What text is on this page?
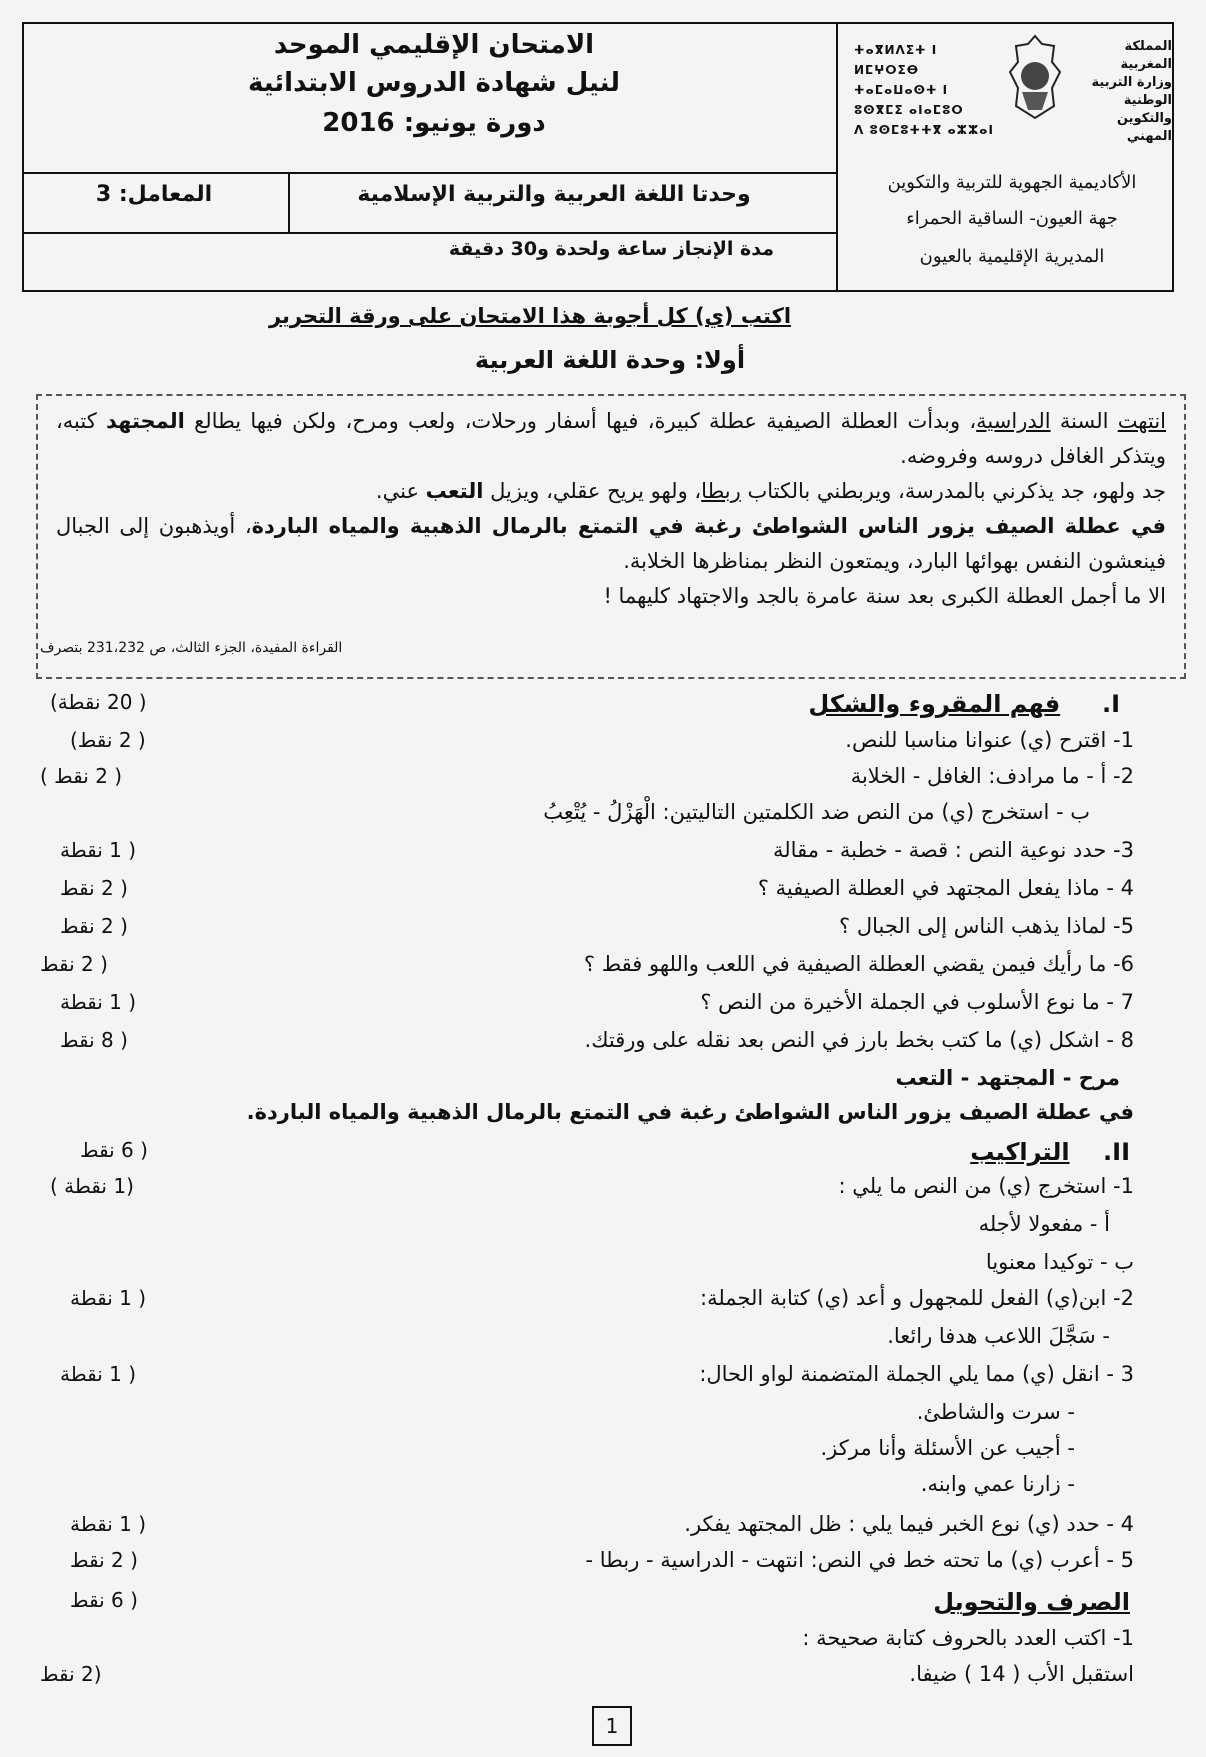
الامتحان الإقليمي الموحد
لنيل شهادة الدروس الابتدائية
دورة يونيو: 2016
وحدتا اللغة العربية والتربية الإسلامية
المعامل: 3
مدة الإنجاز ساعة ولحدة و30 دقيقة
المملكة المغربية
وزارة التربية الوطنية
والتكوين المهني
ⵜⴰⴳⵍⴷⵉⵜ ⵏ ⵍⵎⵖⵔⵉⴱ
ⵜⴰⵎⴰⵡⴰⵙⵜ ⵏ ⵓⵙⴳⵎⵉ ⴰⵏⴰⵎⵓⵔ
ⴷ ⵓⵙⵎⵓⵜⵜⴳ ⴰⵣⵣⴰⵏ
الأكاديمية الجهوية للتربية والتكوين
جهة العيون- الساقية الحمراء
المديرية الإقليمية بالعيون
اكتب (ي) كل أجوبة هذا الامتحان على ورقة التحرير
أولا: وحدة اللغة العربية
انتهت السنة الدراسية، وبدأت العطلة الصيفية عطلة كبيرة، فيها أسفار ورحلات، ولعب ومرح، ولكن فيها يطالع المجتهد كتبه، ويتذكر الغافل دروسه وفروضه.
جد ولهو، جد يذكرني بالمدرسة، ويربطني بالكتاب ربطا، ولهو يريح عقلي، ويزيل التعب عني.
في عطلة الصيف يزور الناس الشواطئ رغبة في التمتع بالرمال الذهبية والمياه الباردة، أويذهبون إلى الجبال فينعشون النفس بهوائها البارد، ويمتعون النظر بمناظرها الخلابة.
الا ما أجمل العطلة الكبرى بعد سنة عامرة بالجد والاجتهاد كليهما !
القراءة المفيدة، الجزء الثالث، ص 231،232 بتصرف
I.     فهم المقروء والشكل
( 20 نقطة)
1- اقترح (ي) عنوانا مناسبا للنص.
( 2 نقط)
2- أ - ما مرادف: الغافل - الخلابة
( 2 نقط )
ب - استخرج (ي) من النص ضد الكلمتين التاليتين: الْهَزْلُ - يُتْعِبُ
3- حدد نوعية النص : قصة - خطبة - مقالة
( 1 نقطة
4 - ماذا يفعل المجتهد في العطلة الصيفية ؟
( 2 نقط
5- لماذا يذهب الناس إلى الجبال ؟
( 2 نقط
6- ما رأيك فيمن يقضي العطلة الصيفية في اللعب واللهو فقط ؟
( 2 نقط
7 - ما نوع الأسلوب في الجملة الأخيرة من النص ؟
( 1 نقطة
8 - اشكل (ي) ما كتب بخط بارز في النص بعد نقله على ورقتك.
( 8 نقط
مرح - المجتهد - التعب
في عطلة الصيف يزور الناس الشواطئ رغبة في التمتع بالرمال الذهبية والمياه الباردة.
II.    التراكيب
( 6 نقط
1- استخرج (ي) من النص ما يلي :
(1 نقطة )
أ - مفعولا لأجله
ب - توكيدا معنويا
2- ابن(ي) الفعل للمجهول و أعد (ي) كتابة الجملة:
( 1 نقطة
- سَجَّلَ اللاعب هدفا رائعا.
3 - انقل (ي) مما يلي الجملة المتضمنة لواو الحال:
( 1 نقطة
- سرت والشاطئ.
- أجيب عن الأسئلة وأنا مركز.
- زارنا عمي وابنه.
4 - حدد (ي) نوع الخبر فيما يلي : ظل المجتهد يفكر.
( 1 نقطة
5 - أعرب (ي) ما تحته خط في النص: انتهت - الدراسية - ربطا -
( 2 نقط
الصرف والتحويل
( 6 نقط
1- اكتب العدد بالحروف كتابة صحيحة :
استقبل الأب ( 14 ) ضيفا.
(2 نقط
1
